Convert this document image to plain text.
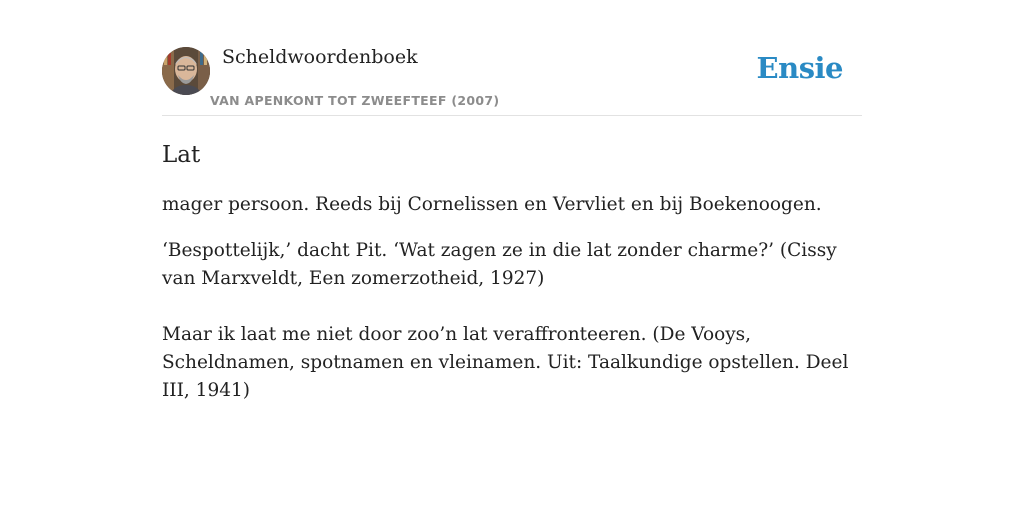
Scheldwoordenboek
VAN APENKONT TOT ZWEEFTEEF (2007)
Ensie
Lat

mager persoon. Reeds bij Cornelissen en Vervliet en bij Boekenoogen.

‘Bespottelijk,’ dacht Pit. ‘Wat zagen ze in die lat zonder charme?’ (Cissy van Marxveldt, Een zomerzotheid, 1927)

Maar ik laat me niet door zoo’n lat veraffronteeren. (De Vooys, Scheldnamen, spotnamen en vleinamen. Uit: Taalkundige opstellen. Deel III, 1941)
